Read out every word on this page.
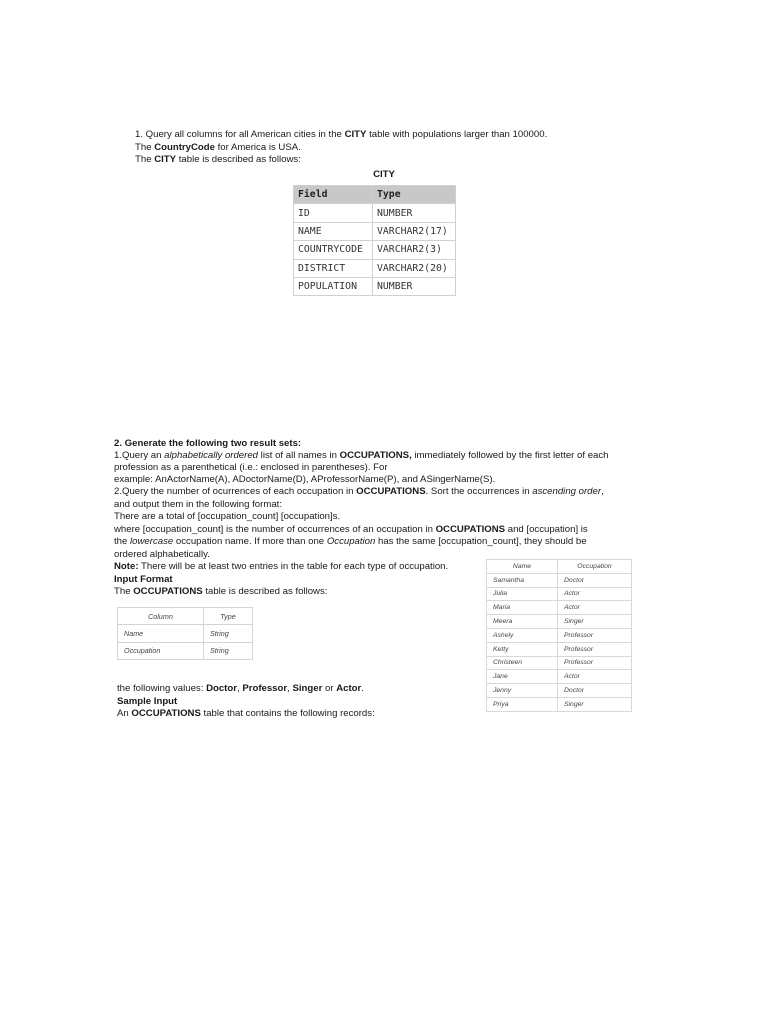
1. Query all columns for all American cities in the CITY table with populations larger than 100000.
The CountryCode for America is USA.
The CITY table is described as follows:
CITY
Field	Type
ID	NUMBER
NAME	VARCHAR2(17)
COUNTRYCODE	VARCHAR2(3)
DISTRICT	VARCHAR2(20)
POPULATION	NUMBER
2. Generate the following two result sets:
1.Query an alphabetically ordered list of all names in OCCUPATIONS, immediately followed by the first letter of each
profession as a parenthetical (i.e.: enclosed in parentheses). For
example: AnActorName(A), ADoctorName(D), AProfessorName(P), and ASingerName(S).
2.Query the number of ocurrences of each occupation in OCCUPATIONS. Sort the occurrences in ascending order,
and output them in the following format:
There are a total of [occupation_count] [occupation]s.
where [occupation_count] is the number of occurrences of an occupation in OCCUPATIONS and [occupation] is
the lowercase occupation name. If more than one Occupation has the same [occupation_count], they should be
ordered alphabetically.
Note: There will be at least two entries in the table for each type of occupation.
Input Format
The OCCUPATIONS table is described as follows:
Column	Type
Name	String
Occupation	String
the following values: Doctor, Professor, Singer or Actor.
Sample Input
An OCCUPATIONS table that contains the following records:
Name	Occupation
Samantha	Doctor
Julia	Actor
Maria	Actor
Meera	Singer
Ashely	Professor
Ketty	Professor
Christeen	Professor
Jane	Actor
Jenny	Doctor
Priya	Singer
